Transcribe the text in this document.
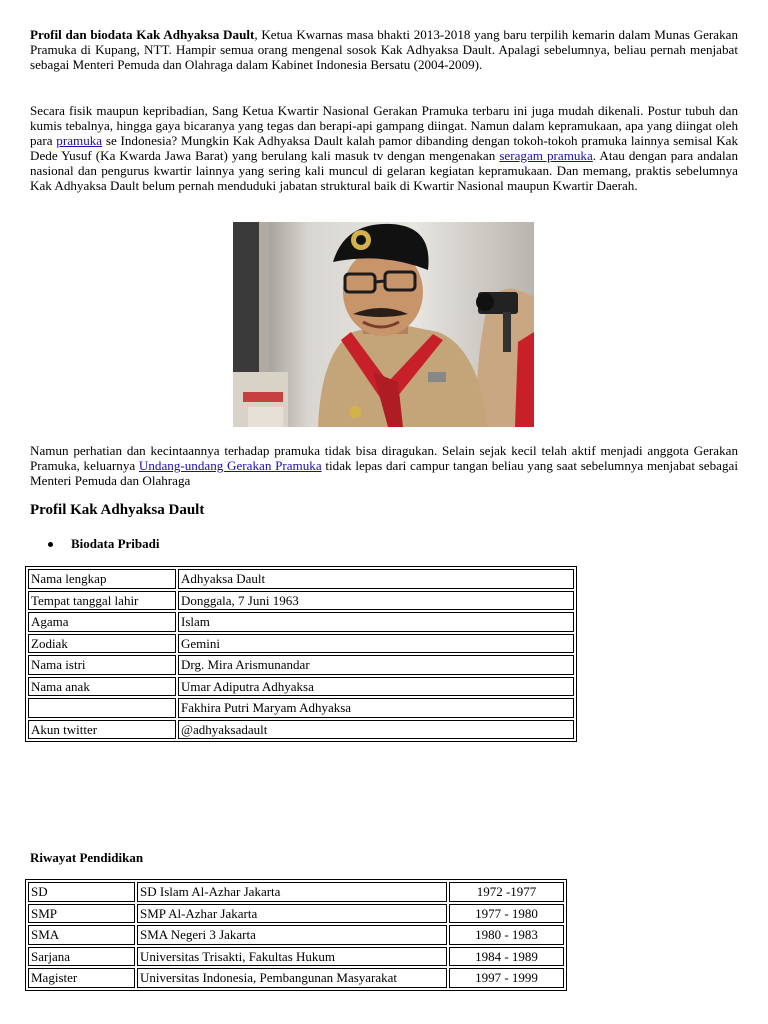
Profil dan biodata Kak Adhyaksa Dault, Ketua Kwarnas masa bhakti 2013-2018 yang baru terpilih kemarin dalam Munas Gerakan Pramuka di Kupang, NTT. Hampir semua orang mengenal sosok Kak Adhyaksa Dault. Apalagi sebelumnya, beliau pernah menjabat sebagai Menteri Pemuda dan Olahraga dalam Kabinet Indonesia Bersatu (2004-2009).

Secara fisik maupun kepribadian, Sang Ketua Kwartir Nasional Gerakan Pramuka terbaru ini juga mudah dikenali. Postur tubuh dan kumis tebalnya, hingga gaya bicaranya yang tegas dan berapi-api gampang diingat. Namun dalam kepramukaan, apa yang diingat oleh para pramuka se Indonesia? Mungkin Kak Adhyaksa Dault kalah pamor dibanding dengan tokoh-tokoh pramuka lainnya semisal Kak Dede Yusuf (Ka Kwarda Jawa Barat) yang berulang kali masuk tv dengan mengenakan seragam pramuka. Atau dengan para andalan nasional dan pengurus kwartir lainnya yang sering kali muncul di gelaran kegiatan kepramukaan. Dan memang, praktis sebelumnya Kak Adhyaksa Dault belum pernah menduduki jabatan struktural baik di Kwartir Nasional maupun Kwartir Daerah.

Namun perhatian dan kecintaannya terhadap pramuka tidak bisa diragukan. Selain sejak kecil telah aktif menjadi anggota Gerakan Pramuka, keluarnya Undang-undang Gerakan Pramuka tidak lepas dari campur tangan beliau yang saat sebelumnya menjabat sebagai Menteri Pemuda dan Olahraga

Profil Kak Adhyaksa Dault
Biodata Pribadi
Nama lengkap	Adhyaksa Dault
Tempat tanggal lahir	Donggala, 7 Juni 1963
Agama	Islam
Zodiak	Gemini
Nama istri	Drg. Mira Arismunandar
Nama anak	Umar Adiputra Adhyaksa
	Fakhira Putri Maryam Adhyaksa
Akun twitter	@adhyaksadault
Riwayat Pendidikan
SD	SD Islam Al-Azhar Jakarta	1972 -1977
SMP	SMP Al-Azhar Jakarta	1977 - 1980
SMA	SMA Negeri 3 Jakarta	1980 - 1983
Sarjana	Universitas Trisakti, Fakultas Hukum	1984 - 1989
Magister	Universitas Indonesia, Pembangunan Masyarakat	1997 - 1999
